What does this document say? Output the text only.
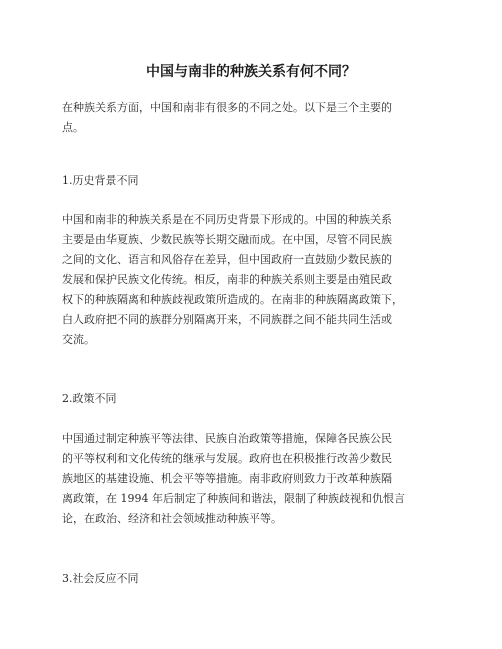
中国与南非的种族关系有何不同？
在种族关系方面，中国和南非有很多的不同之处。以下是三个主要的
点。
1.历史背景不同
中国和南非的种族关系是在不同历史背景下形成的。中国的种族关系
主要是由华夏族、少数民族等长期交融而成。在中国，尽管不同民族
之间的文化、语言和风俗存在差异，但中国政府一直鼓励少数民族的
发展和保护民族文化传统。相反，南非的种族关系则主要是由殖民政
权下的种族隔离和种族歧视政策所造成的。在南非的种族隔离政策下，
白人政府把不同的族群分别隔离开来，不同族群之间不能共同生活或
交流。
2.政策不同
中国通过制定种族平等法律、民族自治政策等措施，保障各民族公民
的平等权利和文化传统的继承与发展。政府也在积极推行改善少数民
族地区的基建设施、机会平等等措施。南非政府则致力于改革种族隔
离政策，在 1994 年后制定了种族间和谐法，限制了种族歧视和仇恨言
论，在政治、经济和社会领域推动种族平等。
3.社会反应不同
